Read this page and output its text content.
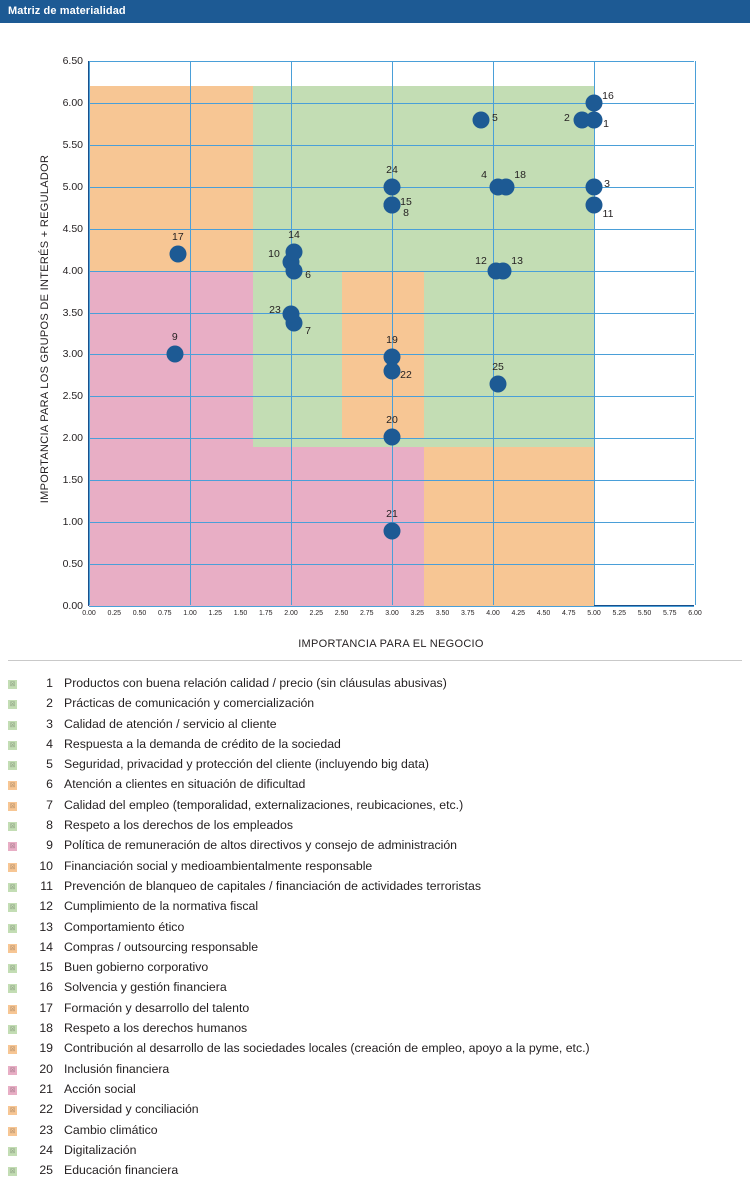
Matriz de materialidad
0.00
0.50
1.00
1.50
2.00
2.50
3.00
3.50
4.00
4.50
5.00
5.50
6.00
6.50
0.00 0.25 0.50 0.75 1.00 1.25 1.50 1.75 2.00 2.25 2.50 2.75 3.00 3.25 3.50 3.75 4.00 4.25 4.50 4.75 5.00 5.25 5.50 5.75 6.00
1
2
3
4
5
6
7
8
9
10
11
12 13
14
15
16
17
18
19
20
21
22
23
24
25
IMPORTANCIA PARA EL NEGOCIO
IMPORTANCIA PARA LOS GRUPOS DE INTERÉS + REGULADOR
⊠	1 Productos con buena relación calidad / precio (sin cláusulas abusivas)
⊠	2 Prácticas de comunicación y comercialización
⊠	3 Calidad de atención / servicio al cliente
⊠	4 Respuesta a la demanda de crédito de la sociedad
⊠	5 Seguridad, privacidad y protección del cliente (incluyendo big data)
⊠	6 Atención a clientes en situación de dificultad
⊠	7 Calidad del empleo (temporalidad, externalizaciones, reubicaciones, etc.)
⊠	8 Respeto a los derechos de los empleados
⊠	9 Política de remuneración de altos directivos y consejo de administración
⊠	10 Financiación social y medioambientalmente responsable
⊠	11 Prevención de blanqueo de capitales / financiación de actividades terroristas
⊠	12 Cumplimiento de la normativa fiscal
⊠	13 Comportamiento ético
⊠	14 Compras / outsourcing responsable
⊠	15 Buen gobierno corporativo
⊠	16 Solvencia y gestión financiera
⊠	17 Formación y desarrollo del talento
⊠	18 Respeto a los derechos humanos
⊠	19 Contribución al desarrollo de las sociedades locales (creación de empleo, apoyo a la pyme, etc.)
⊠	20 Inclusión financiera
⊠	21 Acción social
⊠	22 Diversidad y conciliación
⊠	23 Cambio climático
⊠	24 Digitalización
⊠	25 Educación financiera
